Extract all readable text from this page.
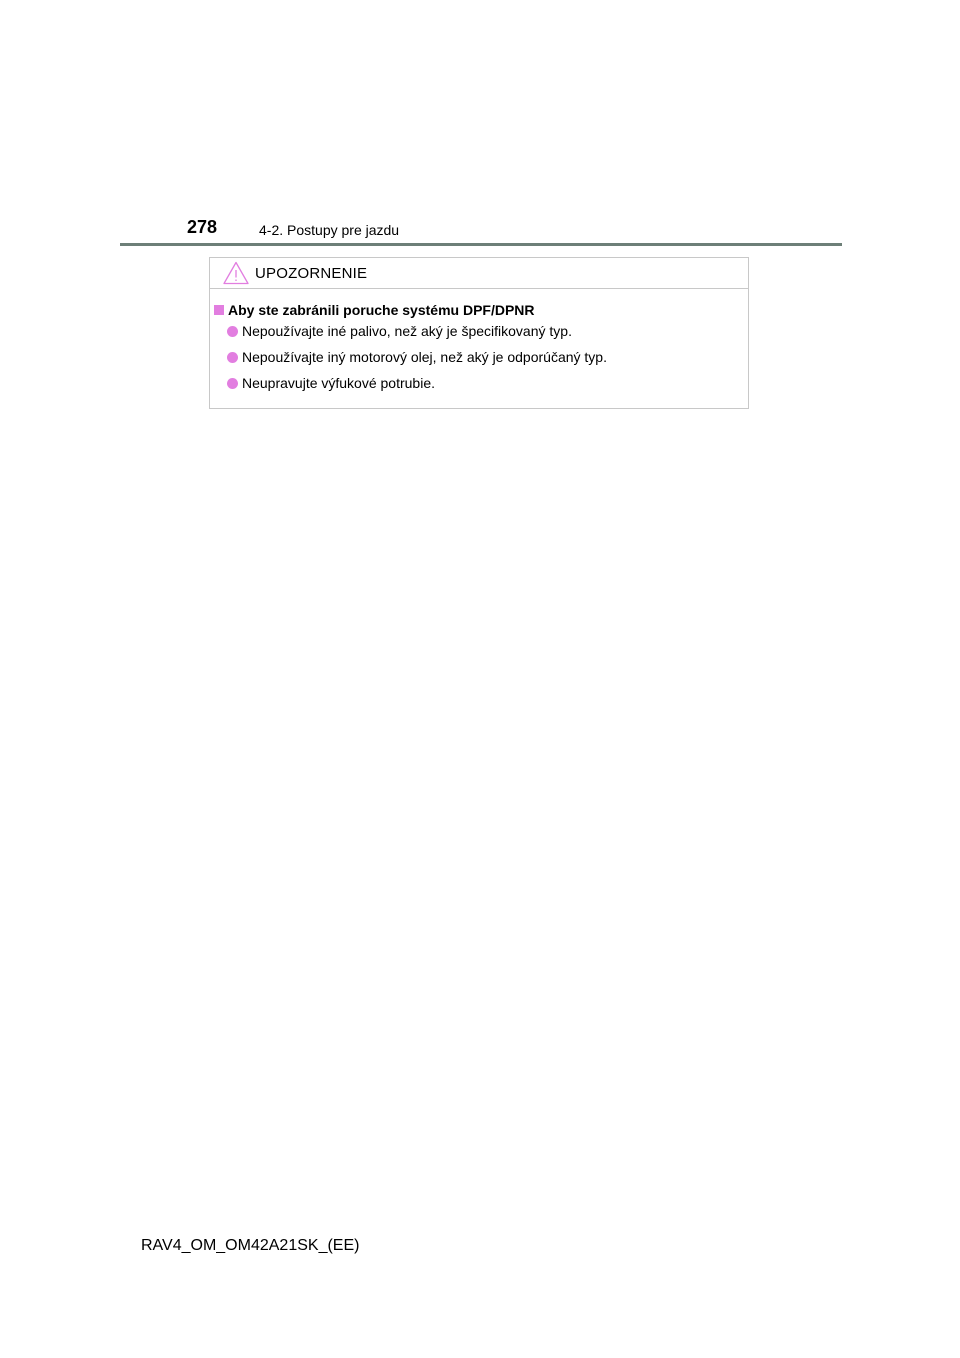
278	4-2. Postupy pre jazdu
UPOZORNENIE
Aby ste zabránili poruche systému DPF/DPNR
Nepoužívajte iné palivo, než aký je špecifikovaný typ.
Nepoužívajte iný motorový olej, než aký je odporúčaný typ.
Neupravujte výfukové potrubie.
RAV4_OM_OM42A21SK_(EE)
